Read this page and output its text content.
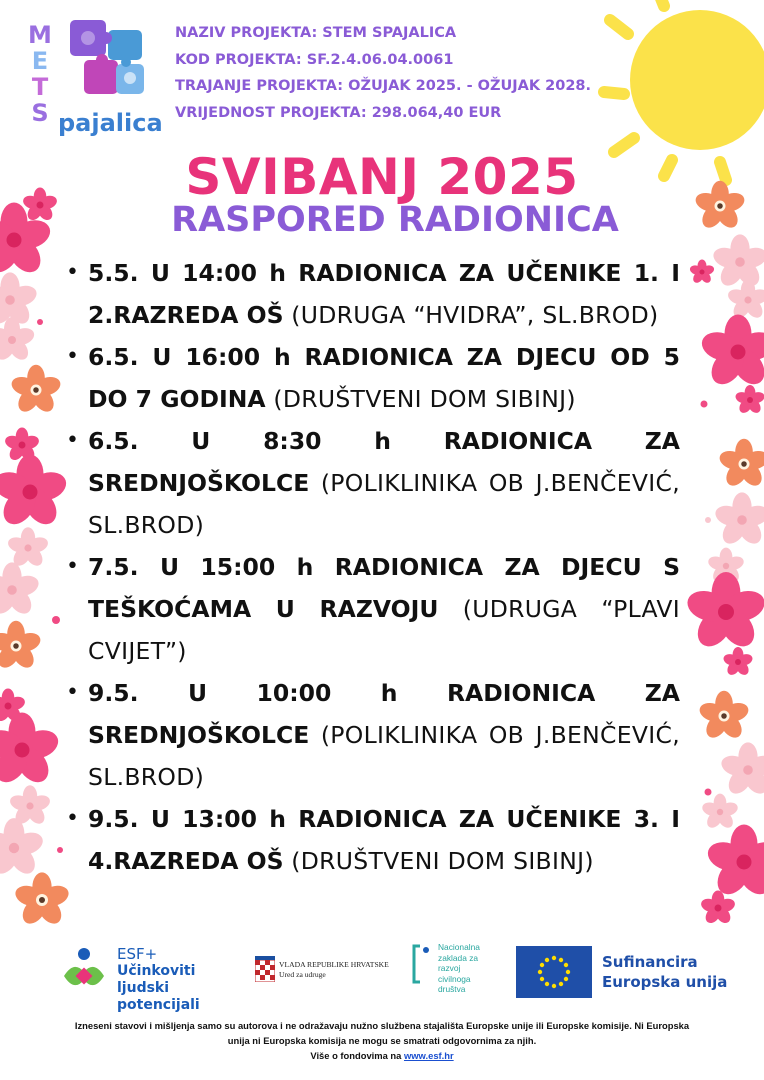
M
E
T
S pajalica
NAZIV PROJEKTA: STEM SPAJALICA
KOD PROJEKTA: SF.2.4.06.04.0061
TRAJANJE PROJEKTA: OŽUJAK 2025. - OŽUJAK 2028.
VRIJEDNOST PROJEKTA: 298.064,40 EUR
SVIBANJ 2025
RASPORED RADIONICA
• 5.5. U 14:00 h RADIONICA ZA UČENIKE 1. I 2.RAZREDA OŠ (UDRUGA “HVIDRA”, SL.BROD)
• 6.5. U 16:00 h RADIONICA ZA DJECU OD 5 DO 7 GODINA (DRUŠTVENI DOM SIBINJ)
• 6.5. U 8:30 h RADIONICA ZA SREDNJOŠKOLCE (POLIKLINIKA OB J.BENČEVIĆ, SL.BROD)
• 7.5. U 15:00 h RADIONICA ZA DJECU S TEŠKOĆAMA U RAZVOJU (UDRUGA “PLAVI CVIJET”)
• 9.5. U 10:00 h RADIONICA ZA SREDNJOŠKOLCE (POLIKLINIKA OB J.BENČEVIĆ, SL.BROD)
• 9.5. U 13:00 h RADIONICA ZA UČENIKE 3. I 4.RAZREDA OŠ (DRUŠTVENI DOM SIBINJ)
ESF+
Učinkoviti ljudski
potencijali
VLADA REPUBLIKE HRVATSKE
Ured za udruge
Nacionalna
zaklada za
razvoj
civilnoga
društva
Sufinancira
Europska unija
Izneseni stavovi i mišljenja samo su autorova i ne odražavaju nužno službena stajališta Europske unije ili Europske komisije. Ni Europska
unija ni Europska komisija ne mogu se smatrati odgovornima za njih.
Više o fondovima na www.esf.hr
